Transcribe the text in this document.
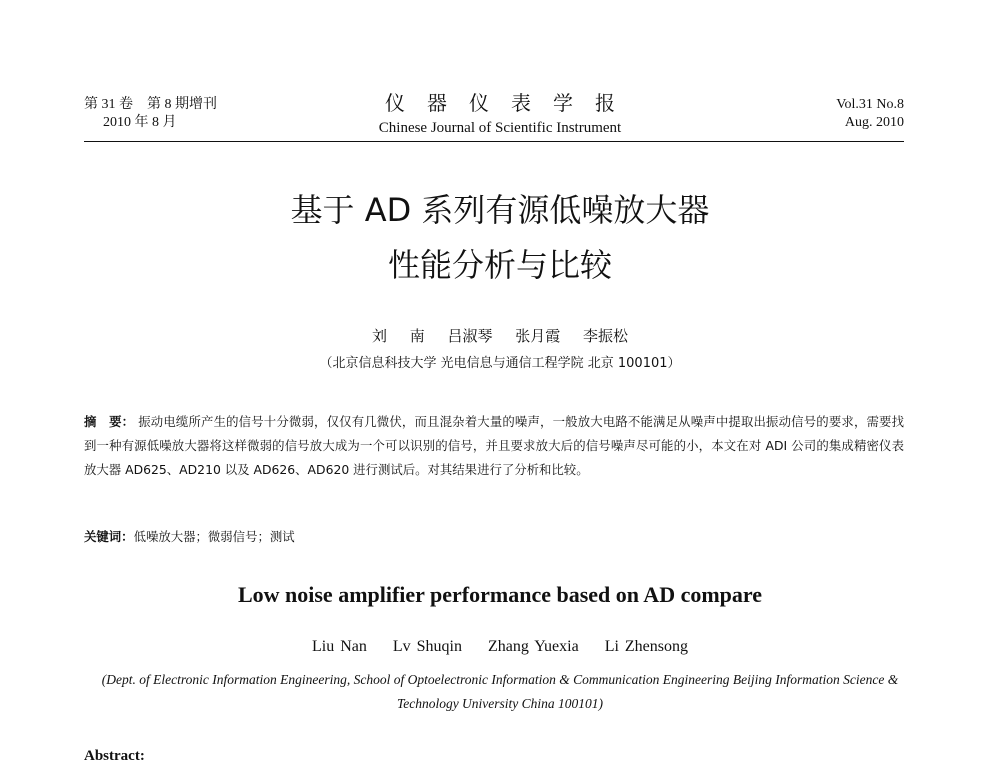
第 31 卷　第 8 期增刊
2010 年 8 月
仪器仪表学报
Chinese Journal of Scientific Instrument
Vol.31 No.8
Aug. 2010
基于 AD 系列有源低噪放大器
性能分析与比较
刘 南 吕淑琴 张月霞 李振松
（北京信息科技大学 光电信息与通信工程学院 北京 100101）
摘　要： 振动电缆所产生的信号十分微弱，仅仅有几微伏，而且混杂着大量的噪声，一般放大电路不能满足从噪声中提取出振动信号的要求，需要找到一种有源低噪放大器将这样微弱的信号放大成为一个可以识别的信号，并且要求放大后的信号噪声尽可能的小，本文在对 ADI 公司的集成精密仪表放大器 AD625、AD210 以及 AD626、AD620 进行测试后。对其结果进行了分析和比较。
关键词：低噪放大器；微弱信号；测试
Low noise amplifier performance based on AD compare
Liu Nan Lv Shuqin Zhang Yuexia Li Zhensong
(Dept. of Electronic Information Engineering, School of Optoelectronic Information & Communication Engineering Beijing Information Science & Technology University China 100101)
Abstract:
